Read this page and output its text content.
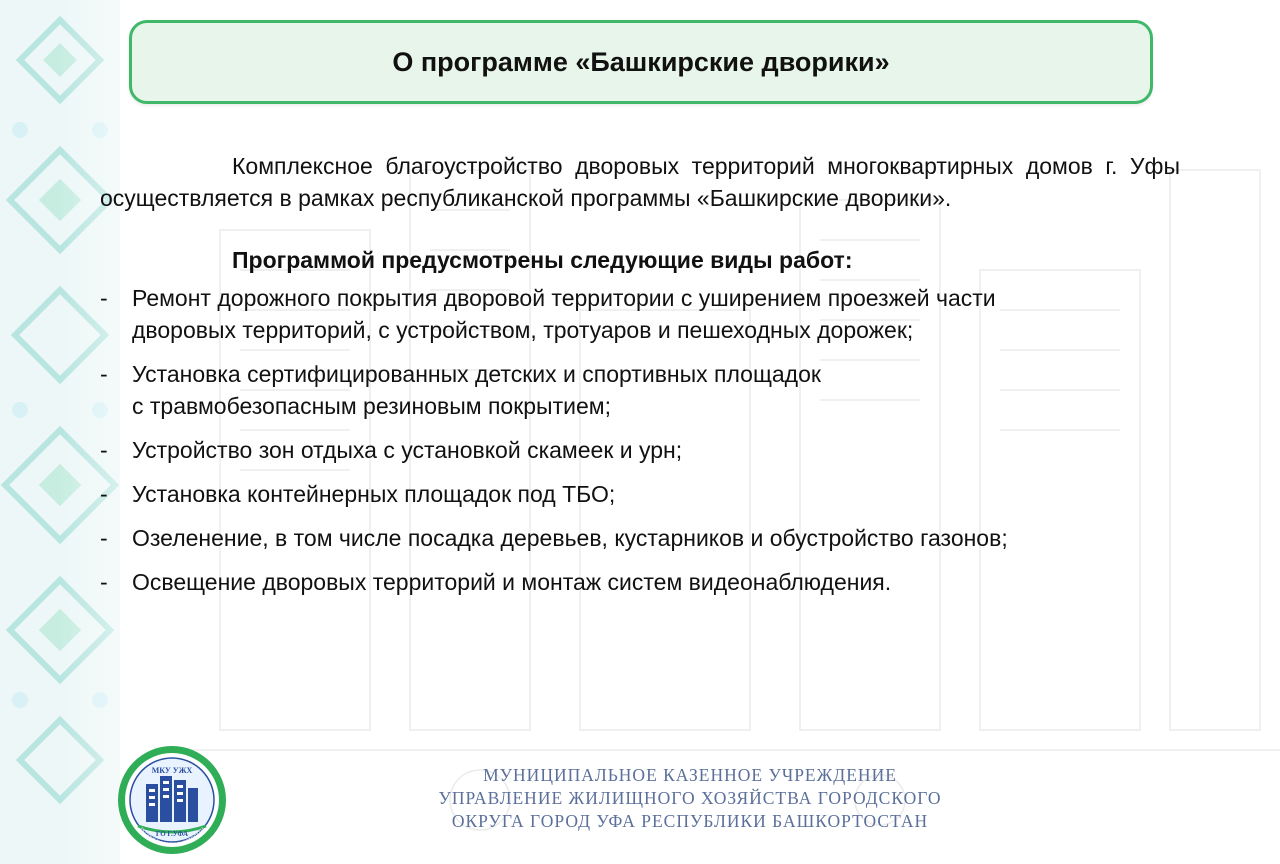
О программе «Башкирские дворики»

Комплексное благоустройство дворовых территорий многоквартирных домов г. Уфы осуществляется в рамках республиканской программы «Башкирские дворики».

Программой предусмотрены следующие виды работ:

- Ремонт дорожного покрытия дворовой территории с уширением проезжей части
дворовых территорий, с устройством, тротуаров и пешеходных дорожек;
- Установка сертифицированных детских и спортивных площадок
с травмобезопасным резиновым покрытием;
- Устройство зон отдыха с установкой скамеек и урн;
- Установка контейнерных площадок под ТБО;
- Озеленение, в том числе посадка деревьев, кустарников и обустройство газонов;
- Освещение дворовых территорий и монтаж систем видеонаблюдения.
МКУ УЖХ
ГО Г.УФА
РЕСПУБЛИКИ БАШКОРТОСТАН
МУНИЦИПАЛЬНОЕ КАЗЕННОЕ УЧРЕЖДЕНИЕ
УПРАВЛЕНИЕ ЖИЛИЩНОГО ХОЗЯЙСТВА ГОРОДСКОГО
ОКРУГА ГОРОД УФА РЕСПУБЛИКИ БАШКОРТОСТАН
